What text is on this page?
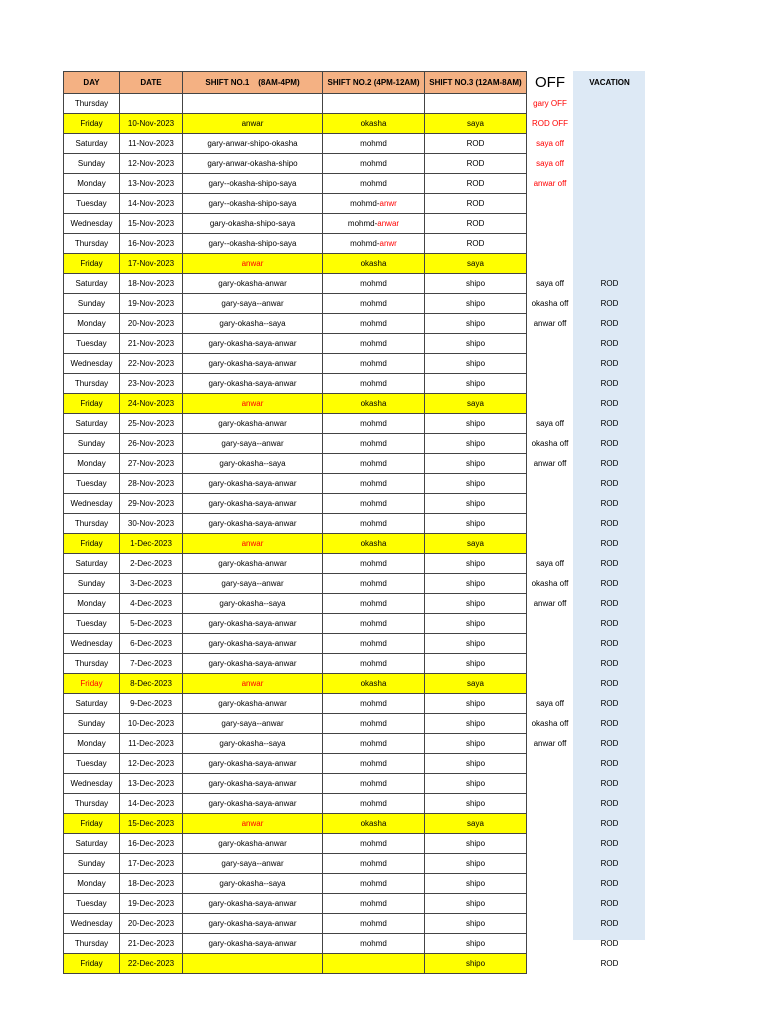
DAY	DATE	SHIFT NO.1    (8AM-4PM)	SHIFT NO.2 (4PM-12AM)	SHIFT NO.3 (12AM-8AM)	OFF	VACATION
Thursday					gary OFF	
Friday	10-Nov-2023	anwar	okasha	saya	ROD OFF	
Saturday	11-Nov-2023	gary-anwar-shipo-okasha	mohmd	ROD	saya off	
Sunday	12-Nov-2023	gary-anwar-okasha-shipo	mohmd	ROD	saya off	
Monday	13-Nov-2023	gary--okasha-shipo-saya	mohmd	ROD	anwar off	
Tuesday	14-Nov-2023	gary--okasha-shipo-saya	mohmd-anwr	ROD		
Wednesday	15-Nov-2023	gary-okasha-shipo-saya	mohmd-anwar	ROD		
Thursday	16-Nov-2023	gary--okasha-shipo-saya	mohmd-anwr	ROD		
Friday	17-Nov-2023	anwar	okasha	saya		
Saturday	18-Nov-2023	gary-okasha-anwar	mohmd	shipo	saya off	ROD
Sunday	19-Nov-2023	gary-saya--anwar	mohmd	shipo	okasha off	ROD
Monday	20-Nov-2023	gary-okasha--saya	mohmd	shipo	anwar off	ROD
Tuesday	21-Nov-2023	gary-okasha-saya-anwar	mohmd	shipo		ROD
Wednesday	22-Nov-2023	gary-okasha-saya-anwar	mohmd	shipo		ROD
Thursday	23-Nov-2023	gary-okasha-saya-anwar	mohmd	shipo		ROD
Friday	24-Nov-2023	anwar	okasha	saya		ROD
Saturday	25-Nov-2023	gary-okasha-anwar	mohmd	shipo	saya off	ROD
Sunday	26-Nov-2023	gary-saya--anwar	mohmd	shipo	okasha off	ROD
Monday	27-Nov-2023	gary-okasha--saya	mohmd	shipo	anwar off	ROD
Tuesday	28-Nov-2023	gary-okasha-saya-anwar	mohmd	shipo		ROD
Wednesday	29-Nov-2023	gary-okasha-saya-anwar	mohmd	shipo		ROD
Thursday	30-Nov-2023	gary-okasha-saya-anwar	mohmd	shipo		ROD
Friday	1-Dec-2023	anwar	okasha	saya		ROD
Saturday	2-Dec-2023	gary-okasha-anwar	mohmd	shipo	saya off	ROD
Sunday	3-Dec-2023	gary-saya--anwar	mohmd	shipo	okasha off	ROD
Monday	4-Dec-2023	gary-okasha--saya	mohmd	shipo	anwar off	ROD
Tuesday	5-Dec-2023	gary-okasha-saya-anwar	mohmd	shipo		ROD
Wednesday	6-Dec-2023	gary-okasha-saya-anwar	mohmd	shipo		ROD
Thursday	7-Dec-2023	gary-okasha-saya-anwar	mohmd	shipo		ROD
Friday	8-Dec-2023	anwar	okasha	saya		ROD
Saturday	9-Dec-2023	gary-okasha-anwar	mohmd	shipo	saya off	ROD
Sunday	10-Dec-2023	gary-saya--anwar	mohmd	shipo	okasha off	ROD
Monday	11-Dec-2023	gary-okasha--saya	mohmd	shipo	anwar off	ROD
Tuesday	12-Dec-2023	gary-okasha-saya-anwar	mohmd	shipo		ROD
Wednesday	13-Dec-2023	gary-okasha-saya-anwar	mohmd	shipo		ROD
Thursday	14-Dec-2023	gary-okasha-saya-anwar	mohmd	shipo		ROD
Friday	15-Dec-2023	anwar	okasha	saya		ROD
Saturday	16-Dec-2023	gary-okasha-anwar	mohmd	shipo		ROD
Sunday	17-Dec-2023	gary-saya--anwar	mohmd	shipo		ROD
Monday	18-Dec-2023	gary-okasha--saya	mohmd	shipo		ROD
Tuesday	19-Dec-2023	gary-okasha-saya-anwar	mohmd	shipo		ROD
Wednesday	20-Dec-2023	gary-okasha-saya-anwar	mohmd	shipo		ROD
Thursday	21-Dec-2023	gary-okasha-saya-anwar	mohmd	shipo		ROD
Friday	22-Dec-2023			shipo		ROD
